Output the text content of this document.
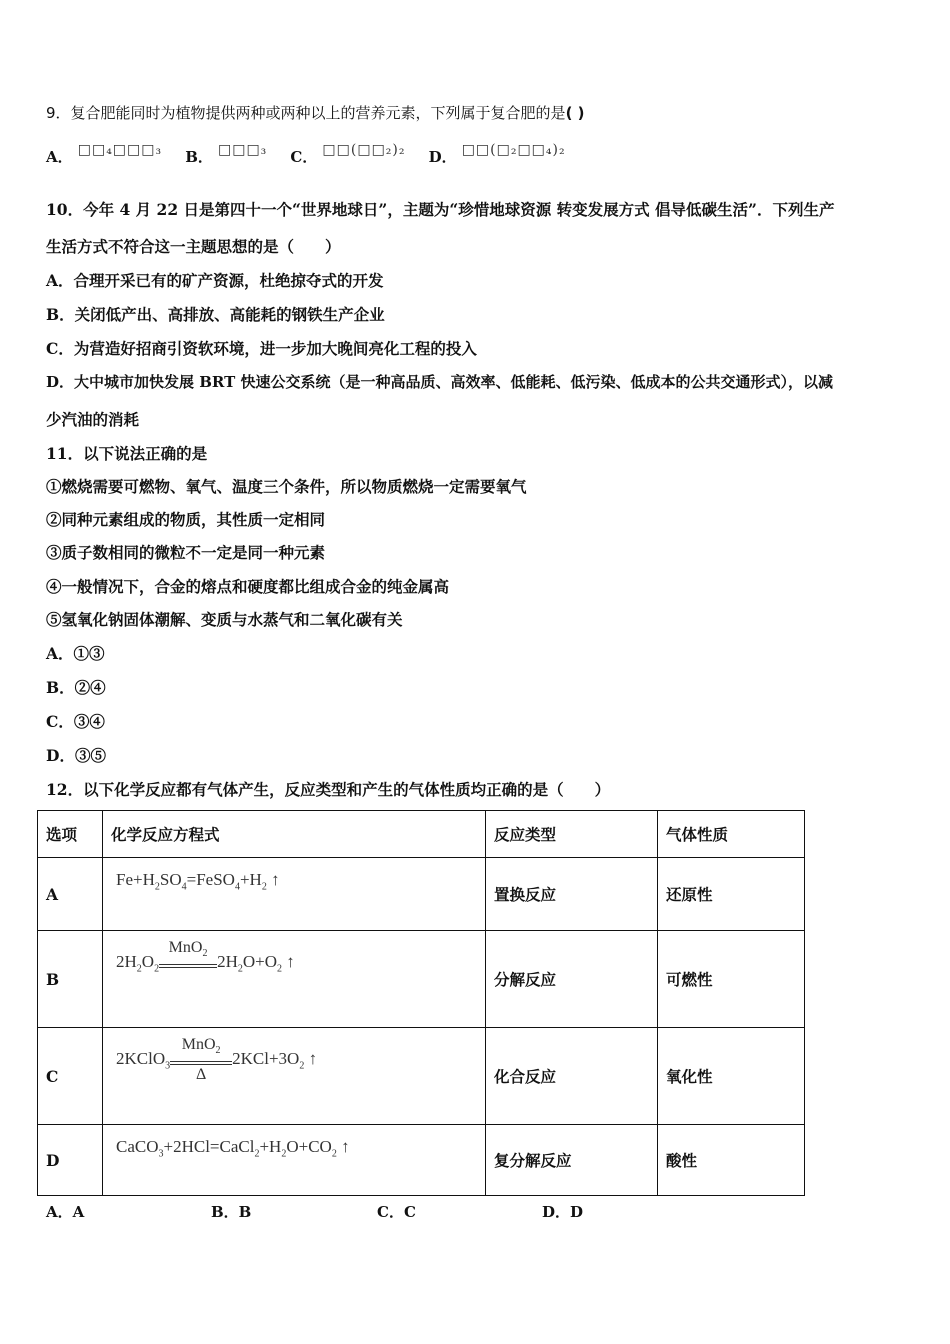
9．复合肥能同时为植物提供两种或两种以上的营养元素，下列属于复合肥的是( )
A． □□₄□□□₃ B． □□□₃ C． □□(□□₂)₂ D． □□(□₂□□₄)₂
10．今年 4 月 22 日是第四十一个“世界地球日”，主题为“珍惜地球资源 转变发展方式 倡导低碳生活”．下列生产
生活方式不符合这一主题思想的是（　　）
A．合理开采已有的矿产资源，杜绝掠夺式的开发
B．关闭低产出、高排放、高能耗的钢铁生产企业
C．为营造好招商引资软环境，进一步加大晚间亮化工程的投入
D．大中城市加快发展 BRT 快速公交系统（是一种高品质、高效率、低能耗、低污染、低成本的公共交通形式），以减
少汽油的消耗
11．以下说法正确的是
①燃烧需要可燃物、氧气、温度三个条件，所以物质燃烧一定需要氧气
②同种元素组成的物质，其性质一定相同
③质子数相同的微粒不一定是同一种元素
④一般情况下，合金的熔点和硬度都比组成合金的纯金属高
⑤氢氧化钠固体潮解、变质与水蒸气和二氧化碳有关
A．①③
B．②④
C．③④
D．③⑤
12．以下化学反应都有气体产生，反应类型和产生的气体性质均正确的是（　　）
选项	化学反应方程式	反应类型	气体性质
A	$Fe+H_2SO_4=FeSO_4+H_2$ ↑	置换反应	还原性
B	$2H_2O_2$
MnO$_2$ $2H_2O+O_2$ ↑	分解反应	可燃性
C	2KClO$_3$
MnO$_2$
Δ
$2KCl+3O_2$ ↑	化合反应	氧化性
D	$CaCO_3+2HCl=CaCl_2+H_2O+CO_2$ ↑	复分解反应	酸性
A．A	B．B	C．C	D．D
